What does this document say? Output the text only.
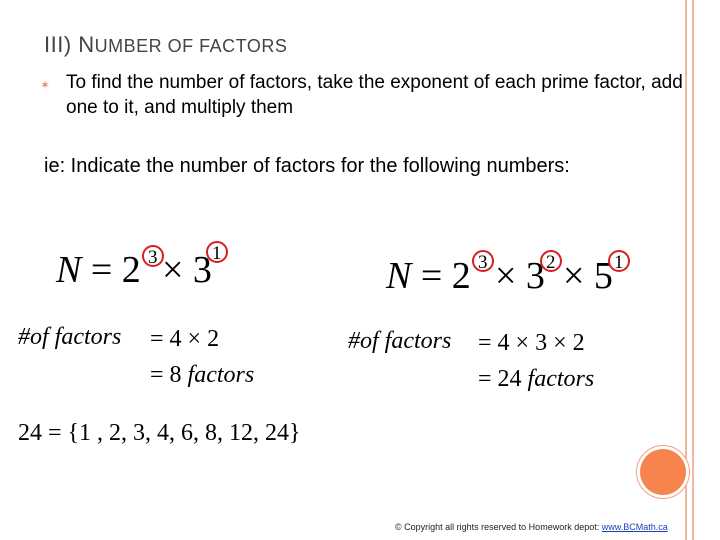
III) NUMBER OF FACTORS
✶ To find the number of factors, take the exponent of each prime factor, add one to it, and multiply them
ie: Indicate the number of factors for the following numbers:
N = 2 3 × 3 1
#of factors = 4 × 2
= 8 factors
24 = {1 , 2, 3, 4, 6, 8, 12, 24}
N = 2 3 × 3 2 × 5 1
#of factors = 4 × 3 × 2
= 24 factors
© Copyright all rights reserved to Homework depot: www.BCMath.ca
